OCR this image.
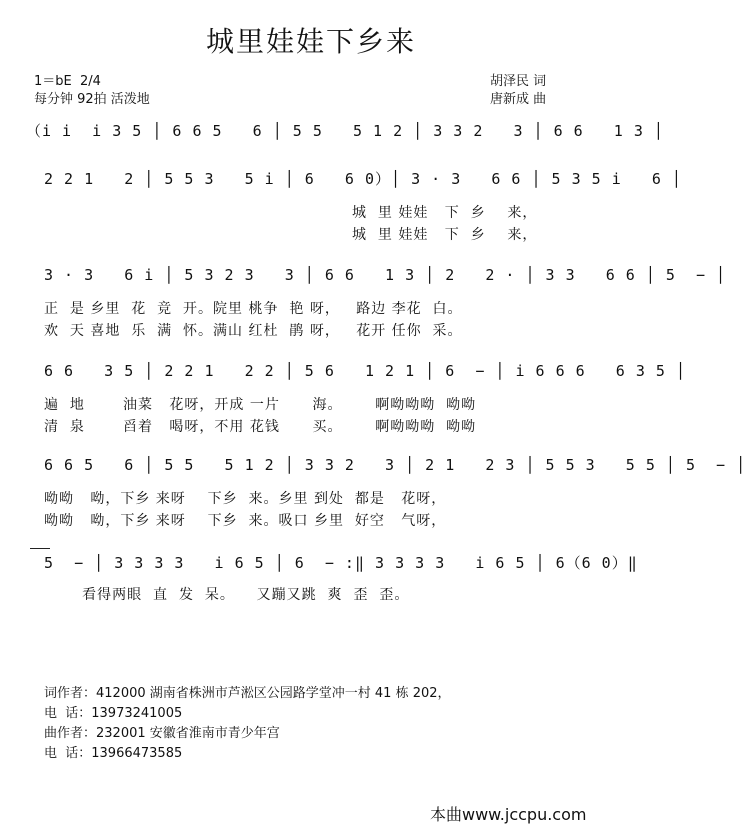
城里娃娃下乡来
1＝bE  2/4
每分钟 92拍 活泼地
胡泽民 词
唐新成 曲
（i i  i 3 5 │ 6 6 5   6 │ 5 5   5 1 2 │ 3 3 2   3 │ 6 6   1 3 │
2 2 1   2 │ 5 5 3   5 i │ 6   6 0）│ 3 · 3   6 6 │ 5 3 5 i   6 │
城  里 娃娃   下  乡    来，
城  里 娃娃   下  乡    来，
3 · 3   6 i │ 5 3 2 3   3 │ 6 6   1 3 │ 2   2 · │ 3 3   6 6 │ 5  − │
正  是 乡里  花  竞  开。院里 桃争  艳 呀，   路边 李花  白。
欢  天 喜地  乐  满  怀。满山 红杜  鹃 呀，   花开 任你  采。
6 6   3 5 │ 2 2 1   2 2 │ 5 6   1 2 1 │ 6  − │ i 6 6 6   6 3 5 │
遍  地       油菜   花呀，开成 一片      海。      啊呦呦呦  呦呦
清  泉       舀着   喝呀，不用 花钱      买。      啊呦呦呦  呦呦
6 6 5   6 │ 5 5   5 1 2 │ 3 3 2   3 │ 2 1   2 3 │ 5 5 3   5 5 │ 5  − │
呦呦   呦，下乡 来呀    下乡  来。乡里 到处  都是   花呀，
呦呦   呦，下乡 来呀    下乡  来。吸口 乡里  好空   气呀，
5  − │ 3 3 3 3   i 6 5 │ 6  − :‖ 3 3 3 3   i 6 5 │ 6（6 0）‖
看得两眼  直  发  呆。    又蹦又跳  爽  歪  歪。
词作者：412000 湖南省株洲市芦淞区公园路学堂冲一村 41 栋 202，
电  话：13973241005
曲作者：232001 安徽省淮南市青少年宫
电  话：13966473585
本曲www.jccpu.com
